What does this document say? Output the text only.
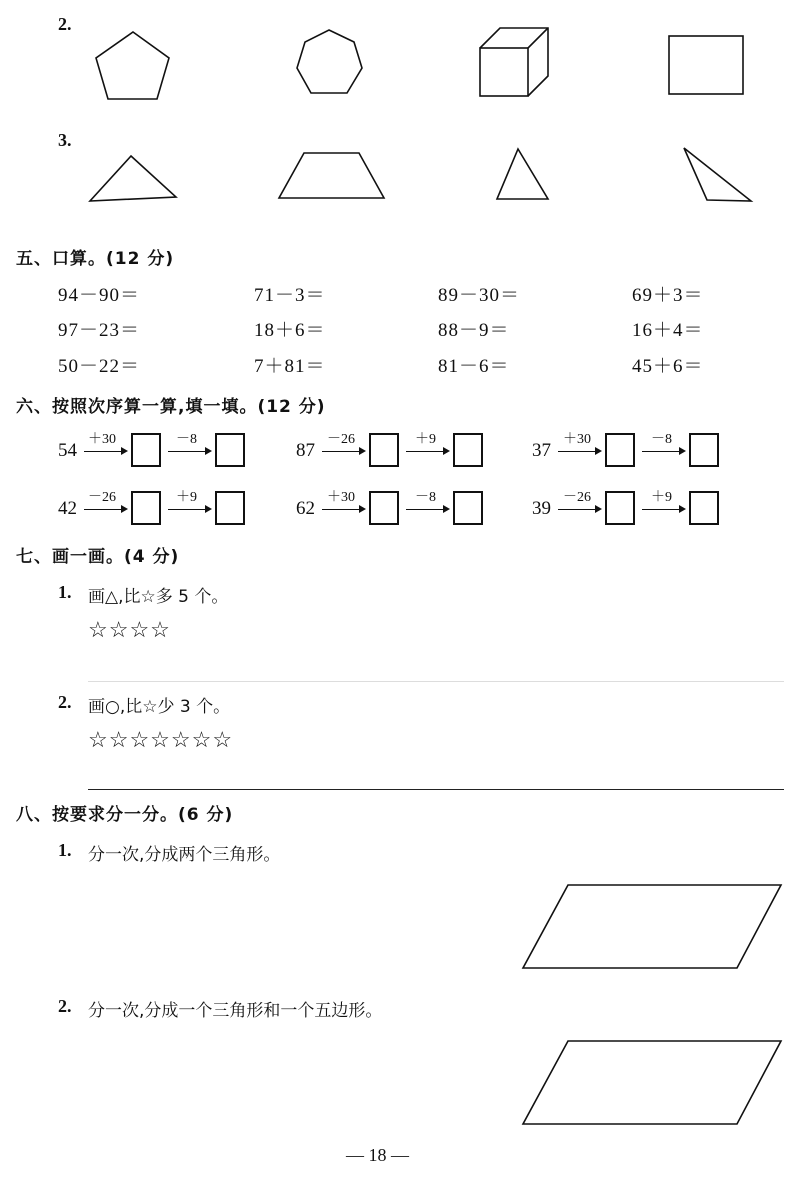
2.
3.
五、口算。(12 分)
94－90＝	71－3＝	89－30＝	69＋3＝
97－23＝	18＋6＝	88－9＝	16＋4＝
50－22＝	7＋81＝	81－6＝	45＋6＝
六、按照次序算一算,填一填。(12 分)
54
＋30	－8
87
－26	＋9
37
＋30	－8
42
－26	＋9
62
＋30	－8
39
－26	＋9
七、画一画。(4 分)
1. 画△,比☆多 5 个。
☆☆☆☆
2. 画○,比☆少 3 个。
☆☆☆☆☆☆☆
八、按要求分一分。(6 分)
1. 分一次,分成两个三角形。
2. 分一次,分成一个三角形和一个五边形。
— 18 —
